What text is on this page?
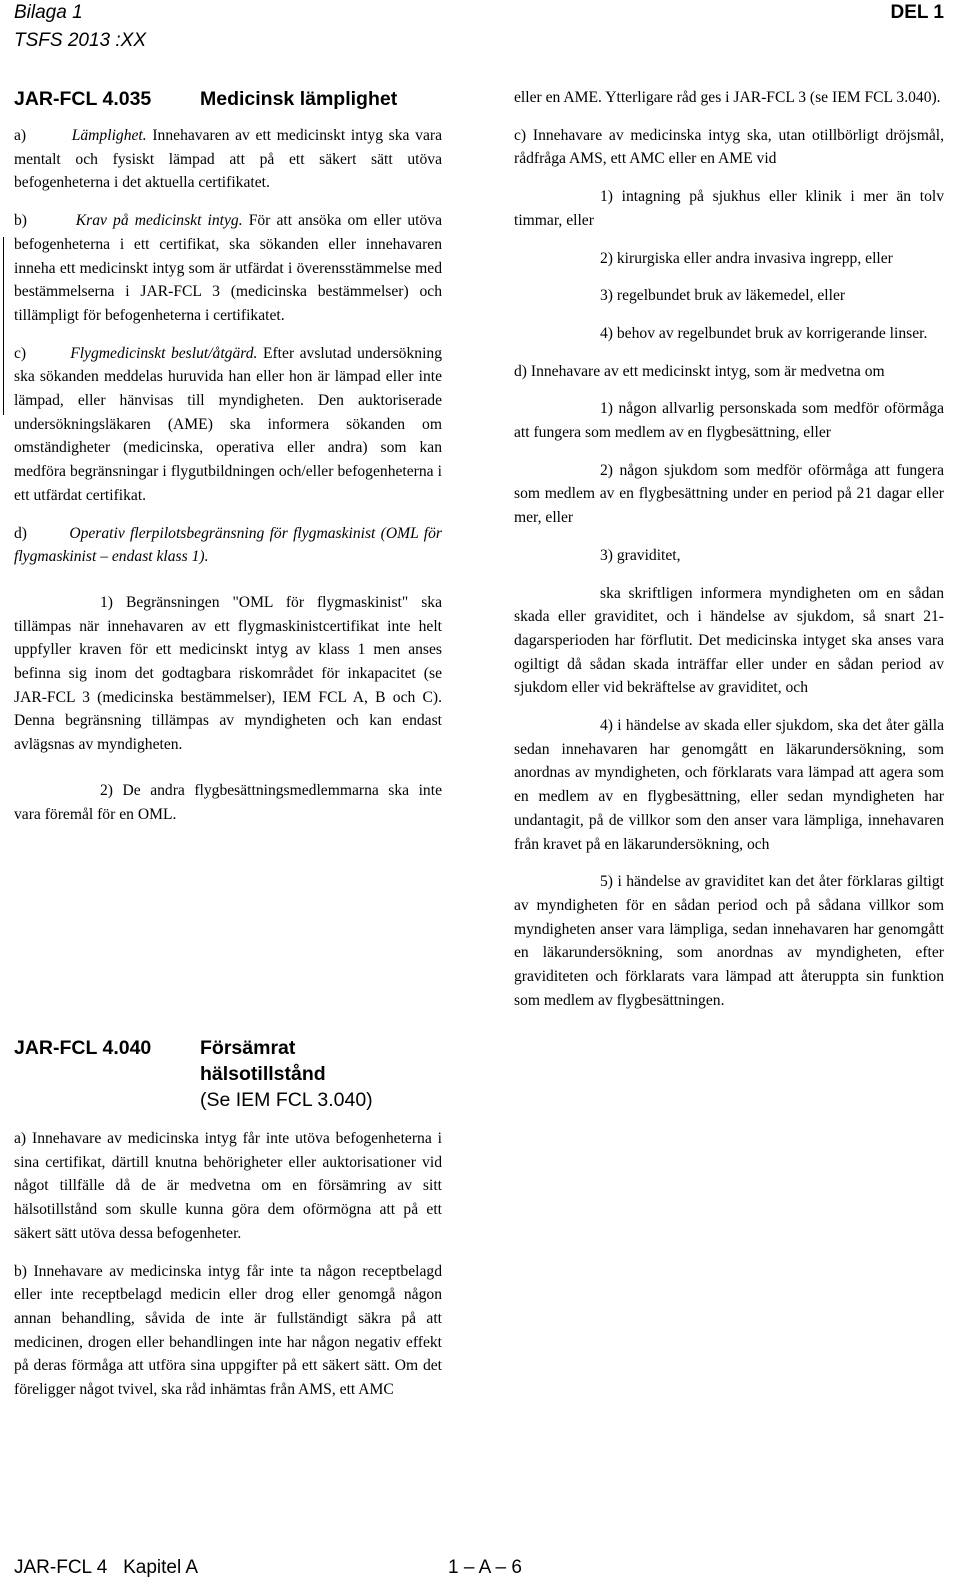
Bilaga 1
TSFS 2013 :XX
DEL 1
JAR-FCL 4.035 Medicinsk lämplighet

a)	Lämplighet. Innehavaren av ett medicinskt intyg ska vara mentalt och fysiskt lämpad att på ett säkert sätt utöva befogenheterna i det aktuella certifikatet.

b)	Krav på medicinskt intyg. För att ansöka om eller utöva befogenheterna i ett certifikat, ska sökanden eller innehavaren inneha ett medicinskt intyg som är utfärdat i överensstämmelse med bestämmelserna i JAR-FCL 3 (medicinska bestämmelser) och tillämpligt för befogenheterna i certifikatet.

c)	Flygmedicinskt beslut/åtgärd. Efter avslutad undersökning ska sökanden meddelas huruvida han eller hon är lämpad eller inte lämpad, eller hänvisas till myndigheten. Den auktoriserade undersökningsläkaren (AME) ska informera sökanden om omständigheter (medicinska, operativa eller andra) som kan medföra begränsningar i flygutbildningen och/eller befogenheterna i ett utfärdat certifikat.

d)	Operativ flerpilotsbegränsning för flygmaskinist (OML för flygmaskinist – endast klass 1).

1) Begränsningen "OML för flygmaskinist" ska tillämpas när innehavaren av ett flygmaskinistcertifikat inte helt uppfyller kraven för ett medicinskt intyg av klass 1 men anses befinna sig inom det godtagbara riskområdet för inkapacitet (se JAR-FCL 3 (medicinska bestämmelser), IEM FCL A, B och C). Denna begränsning tillämpas av myndigheten och kan endast avlägsnas av myndigheten.

2) De andra flygbesättningsmedlemmarna ska inte vara föremål för en OML.

JAR-FCL 4.040 Försämrat
hälsotillstånd
(Se IEM FCL 3.040)

a) Innehavare av medicinska intyg får inte utöva befogenheterna i sina certifikat, därtill knutna behörigheter eller auktorisationer vid något tillfälle då de är medvetna om en försämring av sitt hälsotillstånd som skulle kunna göra dem oförmögna att på ett säkert sätt utöva dessa befogenheter.

b) Innehavare av medicinska intyg får inte ta någon receptbelagd eller inte receptbelagd medicin eller drog eller genomgå någon annan behandling, såvida de inte är fullständigt säkra på att medicinen, drogen eller behandlingen inte har någon negativ effekt på deras förmåga att utföra sina uppgifter på ett säkert sätt. Om det föreligger något tvivel, ska råd inhämtas från AMS, ett AMC

eller en AME. Ytterligare råd ges i JAR-FCL 3 (se IEM FCL 3.040).

c) Innehavare av medicinska intyg ska, utan otillbörligt dröjsmål, rådfråga AMS, ett AMC eller en AME vid

1) intagning på sjukhus eller klinik i mer än tolv timmar, eller

2) kirurgiska eller andra invasiva ingrepp, eller

3) regelbundet bruk av läkemedel, eller

4) behov av regelbundet bruk av korrigerande linser.

d) Innehavare av ett medicinskt intyg, som är medvetna om

1) någon allvarlig personskada som medför oförmåga att fungera som medlem av en flygbesättning, eller

2) någon sjukdom som medför oförmåga att fungera som medlem av en flygbesättning under en period på 21 dagar eller mer, eller

3) graviditet,

ska skriftligen informera myndigheten om en sådan skada eller graviditet, och i händelse av sjukdom, så snart 21-dagarsperioden har förflutit. Det medicinska intyget ska anses vara ogiltigt då sådan skada inträffar eller under en sådan period av sjukdom eller vid bekräftelse av graviditet, och

4) i händelse av skada eller sjukdom, ska det åter gälla sedan innehavaren har genomgått en läkarundersökning, som anordnas av myndigheten, och förklarats vara lämpad att agera som en medlem av en flygbesättning, eller sedan myndigheten har undantagit, på de villkor som den anser vara lämpliga, innehavaren från kravet på en läkarundersökning, och

5) i händelse av graviditet kan det åter förklaras giltigt av myndigheten för en sådan period och på sådana villkor som myndigheten anser vara lämpliga, sedan innehavaren har genomgått en läkarundersökning, som anordnas av myndigheten, efter graviditeten och förklarats vara lämpad att återuppta sin funktion som medlem av flygbesättningen.

JAR-FCL 4   Kapitel A	1 – A – 6
